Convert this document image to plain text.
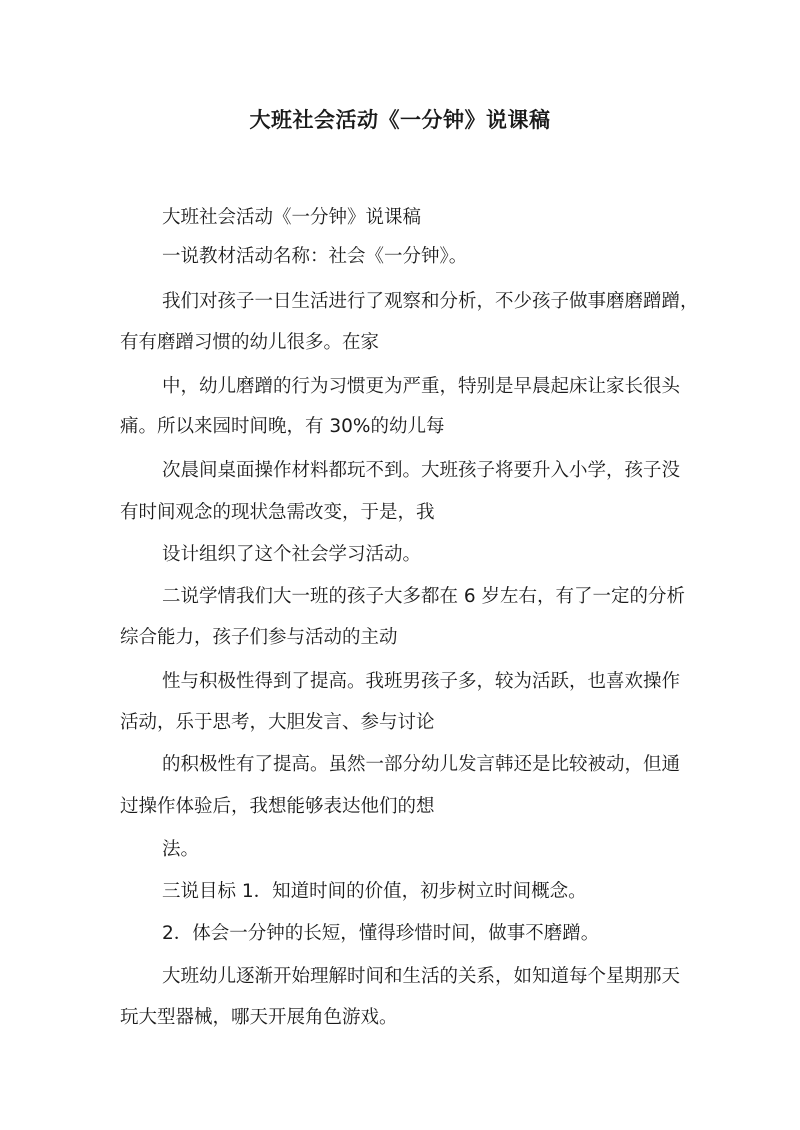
大班社会活动《一分钟》说课稿

大班社会活动《一分钟》说课稿

一说教材活动名称：社会《一分钟》。

我们对孩子一日生活进行了观察和分析，不少孩子做事磨磨蹭蹭，

有有磨蹭习惯的幼儿很多。在家

中，幼儿磨蹭的行为习惯更为严重，特别是早晨起床让家长很头

痛。所以来园时间晚，有 30%的幼儿每

次晨间桌面操作材料都玩不到。大班孩子将要升入小学，孩子没

有时间观念的现状急需改变，于是，我

设计组织了这个社会学习活动。

二说学情我们大一班的孩子大多都在 6 岁左右，有了一定的分析

综合能力，孩子们参与活动的主动

性与积极性得到了提高。我班男孩子多，较为活跃，也喜欢操作

活动，乐于思考，大胆发言、参与讨论

的积极性有了提高。虽然一部分幼儿发言韩还是比较被动，但通

过操作体验后，我想能够表达他们的想

法。

三说目标 1．知道时间的价值，初步树立时间概念。

2．体会一分钟的长短，懂得珍惜时间，做事不磨蹭。

大班幼儿逐渐开始理解时间和生活的关系，如知道每个星期那天

玩大型器械，哪天开展角色游戏。
